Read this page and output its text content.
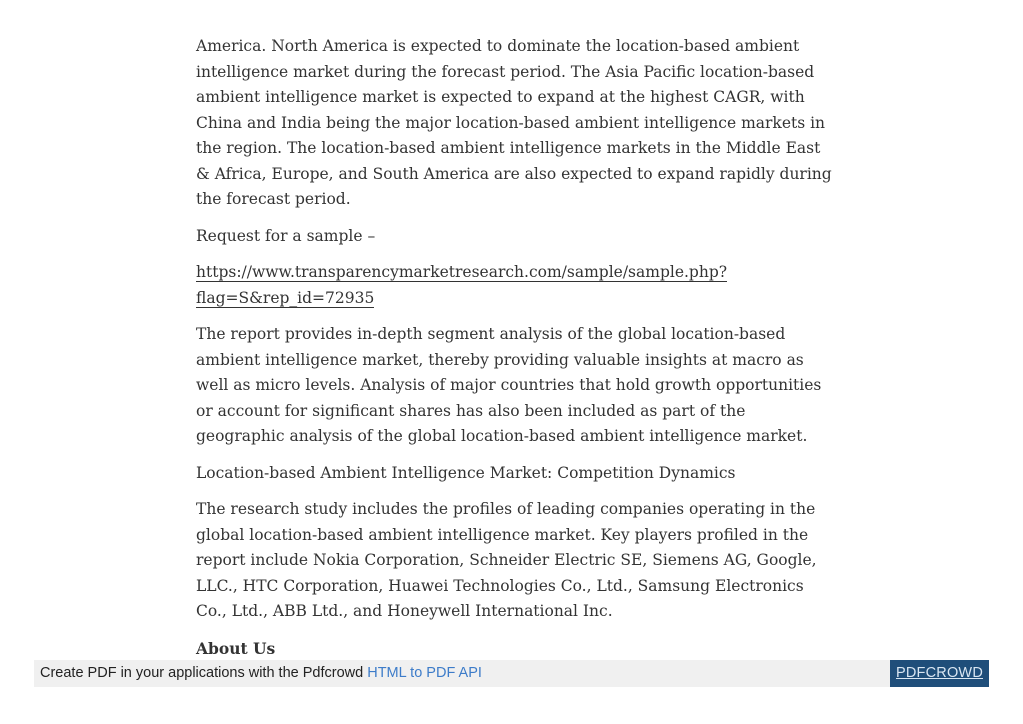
America. North America is expected to dominate the location-based ambient intelligence market during the forecast period. The Asia Pacific location-based ambient intelligence market is expected to expand at the highest CAGR, with China and India being the major location-based ambient intelligence markets in the region. The location-based ambient intelligence markets in the Middle East & Africa, Europe, and South America are also expected to expand rapidly during the forecast period.

Request for a sample –

https://www.transparencymarketresearch.com/sample/sample.php?
flag=S&rep_id=72935

The report provides in-depth segment analysis of the global location-based ambient intelligence market, thereby providing valuable insights at macro as well as micro levels. Analysis of major countries that hold growth opportunities or account for significant shares has also been included as part of the geographic analysis of the global location-based ambient intelligence market.

Location-based Ambient Intelligence Market: Competition Dynamics

The research study includes the profiles of leading companies operating in the global location-based ambient intelligence market. Key players profiled in the report include Nokia Corporation, Schneider Electric SE, Siemens AG, Google, LLC., HTC Corporation, Huawei Technologies Co., Ltd., Samsung Electronics Co., Ltd., ABB Ltd., and Honeywell International Inc.

About Us

Create PDF in your applications with the Pdfcrowd HTML to PDF API	PDFCROWD
